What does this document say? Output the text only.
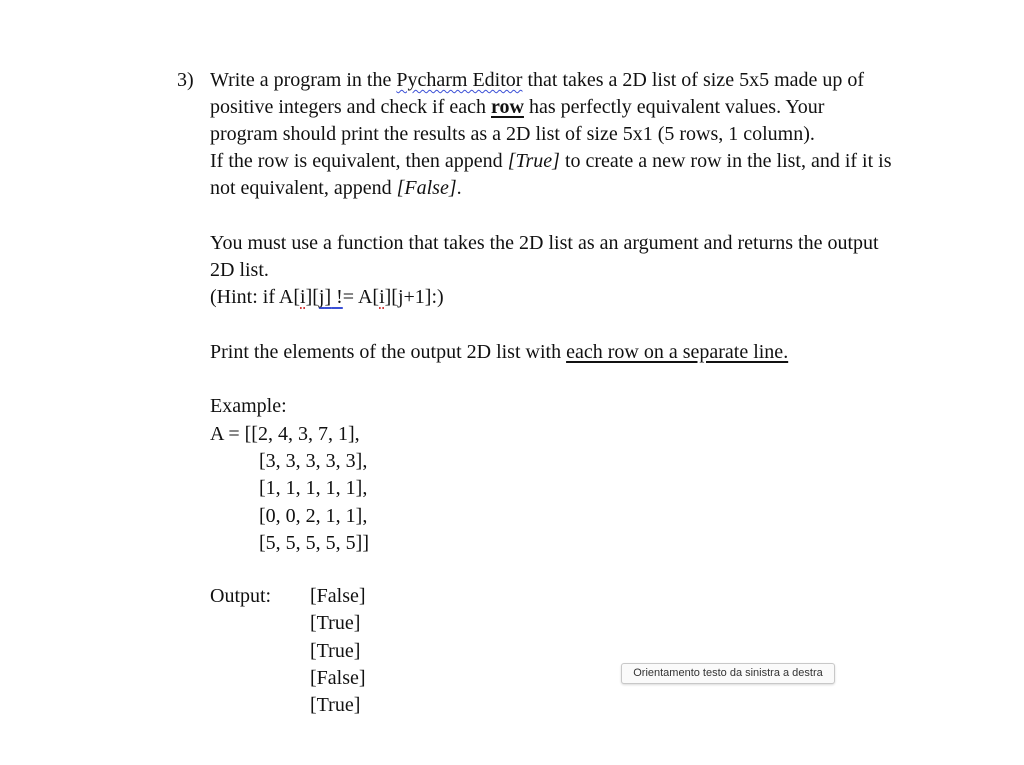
3) Write a program in the Pycharm Editor that takes a 2D list of size 5x5 made up of
positive integers and check if each row has perfectly equivalent values. Your
program should print the results as a 2D list of size 5x1 (5 rows, 1 column).
If the row is equivalent, then append [True] to create a new row in the list, and if it is
not equivalent, append [False].
You must use a function that takes the 2D list as an argument and returns the output
2D list.
(Hint: if A[i][j] != A[i][j+1]:)
Print the elements of the output 2D list with each row on a separate line.
Example:
A = [[2, 4, 3, 7, 1],
[3, 3, 3, 3, 3],
[1, 1, 1, 1, 1],
[0, 0, 2, 1, 1],
[5, 5, 5, 5, 5]]
Output: [False]
[True]
[True]
[False]
[True]
Orientamento testo da sinistra a destra
